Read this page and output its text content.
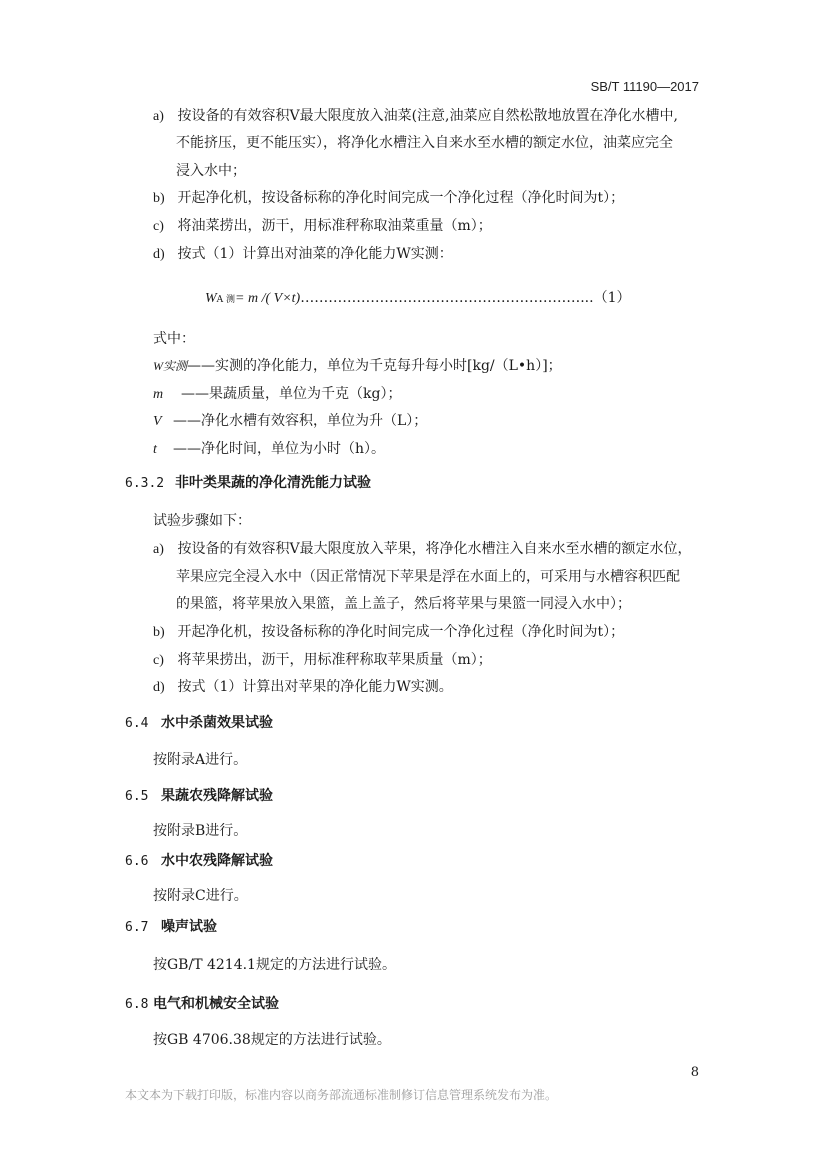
SB/T 11190—2017
a) 按设备的有效容积V最大限度放入油菜(注意,油菜应自然松散地放置在净化水槽中,
不能挤压，更不能压实），将净化水槽注入自来水至水槽的额定水位，油菜应完全
浸入水中；
b) 开起净化机，按设备标称的净化时间完成一个净化过程（净化时间为t）；
c) 将油菜捞出，沥干，用标准秤称取油菜重量（m）；
d) 按式（1）计算出对油菜的净化能力W实测：
WA 测= m /( V×t)……………………………………………………...（1）
式中：
W实测——实测的净化能力，单位为千克每升每小时[kg/（L•h）]；
m ——果蔬质量，单位为千克（kg）；
V ——净化水槽有效容积，单位为升（L）；
t ——净化时间，单位为小时（h）。
6.3.2 非叶类果蔬的净化清洗能力试验
试验步骤如下：
a) 按设备的有效容积V最大限度放入苹果，将净化水槽注入自来水至水槽的额定水位，
苹果应完全浸入水中（因正常情况下苹果是浮在水面上的，可采用与水槽容积匹配
的果篮，将苹果放入果篮，盖上盖子，然后将苹果与果篮一同浸入水中）；
b) 开起净化机，按设备标称的净化时间完成一个净化过程（净化时间为t）；
c) 将苹果捞出，沥干，用标准秤称取苹果质量（m）；
d) 按式（1）计算出对苹果的净化能力W实测。
6.4 水中杀菌效果试验
按附录A进行。
6.5 果蔬农残降解试验
按附录B进行。
6.6 水中农残降解试验
按附录C进行。
6.7 噪声试验
按GB/T 4214.1规定的方法进行试验。
6.8 电气和机械安全试验
按GB 4706.38规定的方法进行试验。
8
本文本为下载打印版，标准内容以商务部流通标准制修订信息管理系统发布为准。
